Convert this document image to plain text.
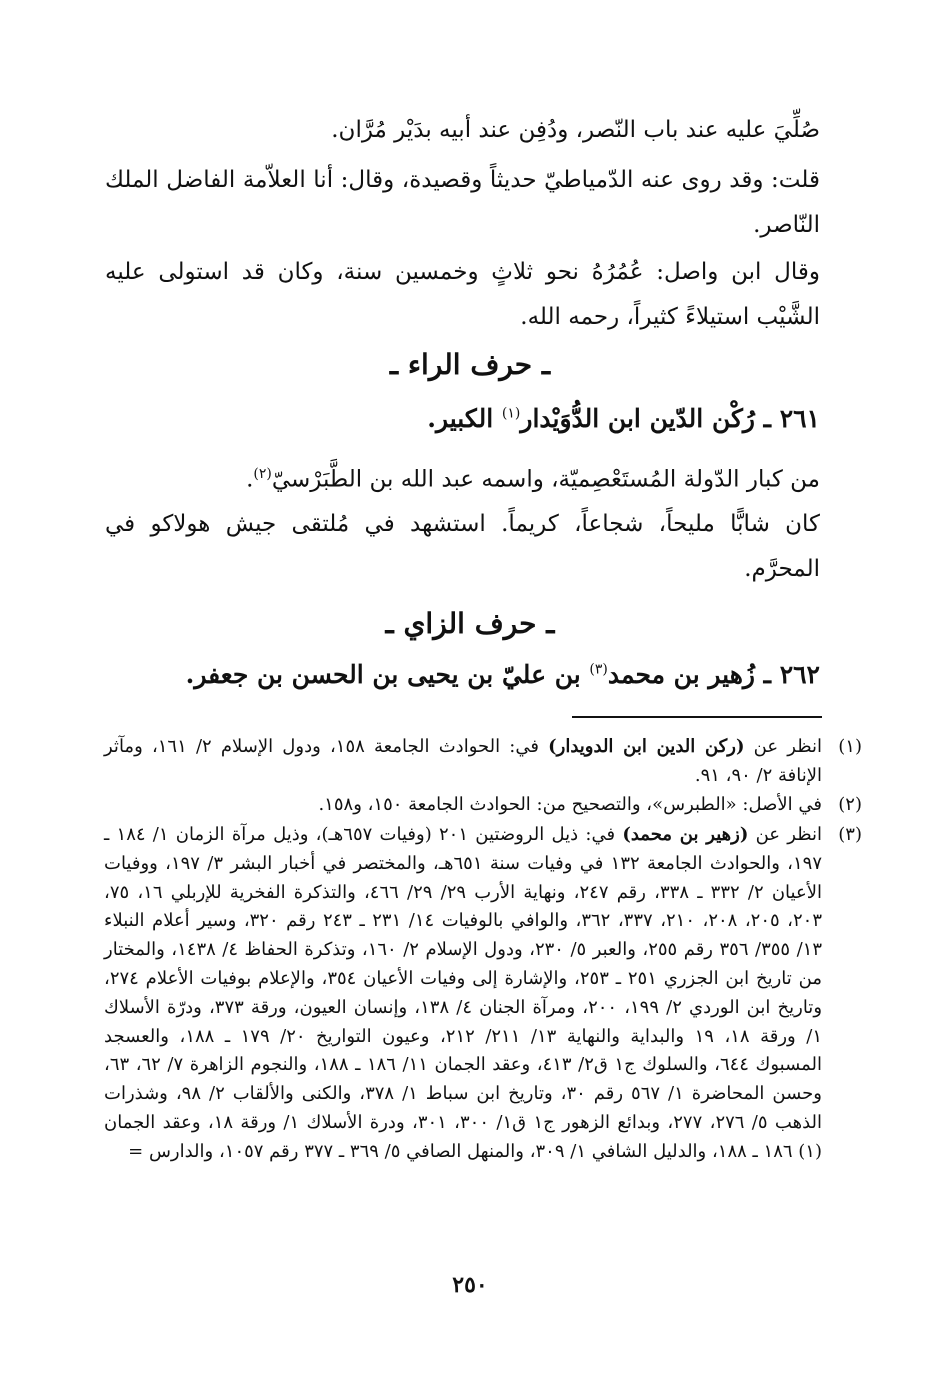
صُلِّيَ عليه عند باب النّصر، ودُفِن عند أبيه بدَيْر مُرَّان.

قلت: وقد روى عنه الدّمياطيّ حديثاً وقصيدة، وقال: أنا العلاّمة الفاضل الملك النّاصر.

وقال ابن واصل: عُمُرُهُ نحو ثلاثٍ وخمسين سنة، وكان قد استولى عليه الشَّيْب استيلاءً كثيراً، رحمه الله.

ـ حرف الراء ـ

٢٦١ ـ رُكْن الدّين ابن الدُّوَيْدار$^{(١)}$ الكبير.

من كبار الدّولة المُستَعْصِميّة، واسمه عبد الله بن الطَّبَرْسيّ$^{(٢)}$.

كان شابًّا مليحاً، شجاعاً، كريماً. استشهد في مُلتقى جيش هولاكو في المحرَّم.

ـ حرف الزاي ـ

٢٦٢ ـ زُهير بن محمد$^{(٣)}$ بن عليّ بن يحيى بن الحسن بن جعفر.

(١)
انظر عن (ركن الدين ابن الدويدار) في: الحوادث الجامعة ١٥٨، ودول الإسلام ٢/ ١٦١، ومآثر الإنافة ٢/ ٩٠، ٩١.
(٢)
في الأصل: «الطبرس»، والتصحيح من: الحوادث الجامعة ١٥٠، و١٥٨.
(٣)
انظر عن (زهير بن محمد) في: ذيل الروضتين ٢٠١ (وفيات ٦٥٧هـ)، وذيل مرآة الزمان ١/ ١٨٤ ـ ١٩٧، والحوادث الجامعة ١٣٢ في وفيات سنة ٦٥١هـ، والمختصر في أخبار البشر ٣/ ١٩٧، ووفيات الأعيان ٢/ ٣٣٢ ـ ٣٣٨، رقم ٢٤٧، ونهاية الأرب ٢٩/ ٢٩/ ٤٦٦، والتذكرة الفخرية للإربلي ١٦، ٧٥، ٢٠٣، ٢٠٥، ٢٠٨، ٢١٠، ٣٣٧، ٣٦٢، والوافي بالوفيات ١٤/ ٢٣١ ـ ٢٤٣ رقم ٣٢٠، وسير أعلام النبلاء ١٣/ ٣٥٥/ ٣٥٦ رقم ٢٥٥، والعبر ٥/ ٢٣٠، ودول الإسلام ٢/ ١٦٠، وتذكرة الحفاظ ٤/ ١٤٣٨، والمختار من تاريخ ابن الجزري ٢٥١ ـ ٢٥٣، والإشارة إلى وفيات الأعيان ٣٥٤، والإعلام بوفيات الأعلام ٢٧٤، وتاريخ ابن الوردي ٢/ ١٩٩، ٢٠٠، ومرآة الجنان ٤/ ١٣٨، وإنسان العيون، ورقة ٣٧٣، ودرّة الأسلاك ١/ ورقة ١٨، ١٩ والبداية والنهاية ١٣/ ٢١١/ ٢١٢، وعيون التواريخ ٢٠/ ١٧٩ ـ ١٨٨، والعسجد المسبوك ٦٤٤، والسلوك ج١ ق٢/ ٤١٣، وعقد الجمان ١١/ ١٨٦ ـ ١٨٨، والنجوم الزاهرة ٧/ ٦٢، ٦٣، وحسن المحاضرة ١/ ٥٦٧ رقم ٣٠، وتاريخ ابن سباط ١/ ٣٧٨، والكنى والألقاب ٢/ ٩٨، وشذرات الذهب ٥/ ٢٧٦، ٢٧٧، وبدائع الزهور ج١ ق١/ ٣٠٠، ٣٠١، ودرة الأسلاك ١/ ورقة ١٨، وعقد الجمان (١) ١٨٦ ـ ١٨٨، والدليل الشافي ١/ ٣٠٩، والمنهل الصافي ٥/ ٣٦٩ ـ ٣٧٧ رقم ١٠٥٧، والدارس =
٢٥٠
